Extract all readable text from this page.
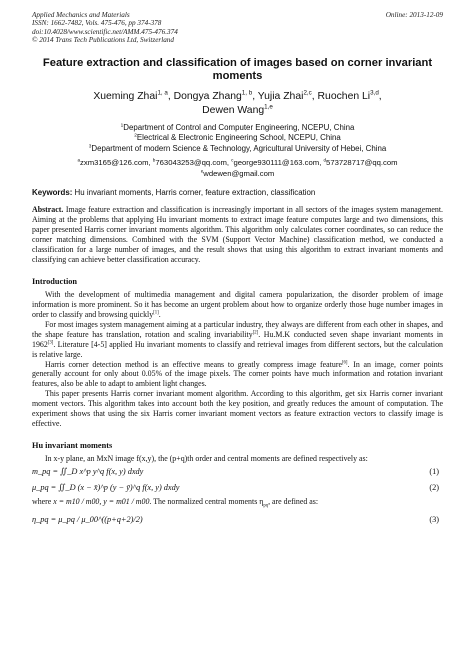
Applied Mechanics and Materials
ISSN: 1662-7482, Vols. 475-476, pp 374-378
doi:10.4028/www.scientific.net/AMM.475-476.374
© 2014 Trans Tech Publications Ltd, Switzerland
Online: 2013-12-09
Feature extraction and classification of images based on corner invariant moments
Xueming Zhai$^{1, a}$, Dongya Zhang$^{1, b}$, Yujia Zhai$^{2,c}$, Ruochen Li$^{3,d}$,
Dewen Wang$^{1,e}$
$^1$Department of Control and Computer Engineering, NCEPU, China
$^2$Electrical & Electronic Engineering School, NCEPU, China
$^3$Department of modern Science & Technology, Agricultural University of Hebei, China
$^a$zxm3165@126.com, $^b$763043253@qq.com, $^c$george930111@163.com, $^d$573728717@qq.com
$^e$wdewen@gmail.com
Keywords: Hu invariant moments, Harris corner, feature extraction, classification
Abstract. Image feature extraction and classification is increasingly important in all sectors of the images system management. Aiming at the problems that applying Hu invariant moments to extract image feature computes large and two dimensions, this paper presented Harris corner invariant moments algorithm. This algorithm only calculates corner coordinates, so can reduce the corner matching dimensions. Combined with the SVM (Support Vector Machine) classification method, we conducted a classification for a large number of images, and the result shows that using this algorithm to extract invariant moments and classifying can achieve better classification accuracy.
Introduction

With the development of multimedia management and digital camera popularization, the disorder problem of image information is more prominent. So it has become an urgent problem about how to organize orderly those huge number images in order to classify and browsing quickly[1].

For most images system management aiming at a particular industry, they always are different from each other in shapes, and the shape feature has translation, rotation and scaling invariability[2]. Hu.M.K conducted seven shape invariant moments in 1962[3]. Literature [4-5] applied Hu invariant moments to classify and retrieval images from different sectors, but the calculation is relative large.

Harris corner detection method is an effective means to greatly compress image feature[6]. In an image, corner points generally account for only about 0.05% of the image pixels. The corner points have much information and rotation invariant features, also be able to adapt to ambient light changes.

This paper presents Harris corner invariant moment algorithm. According to this algorithm, get six Harris corner invariant moment vectors. This algorithm takes into account both the key position, and greatly reduces the amount of computation. The experiment shows that using the six Harris corner invariant moment vectors as feature extraction vectors to classify image is effective.

Hu invariant moments

In x-y plane, an MxN image f(x,y), the (p+q)th order and central moments are defined respectively as:

m_pq = ∬_D x^p y^q f(x, y) dxdy	(1)
μ_pq = ∬_D (x − x̄)^p (y − ȳ)^q f(x, y) dxdy	(2)
where x = m10 / m00, y = m01 / m00. The normalized central moments $\eta_{pq}$, are defined as:
η_pq = μ_pq / μ_00^((p+q+2)/2)	(3)
